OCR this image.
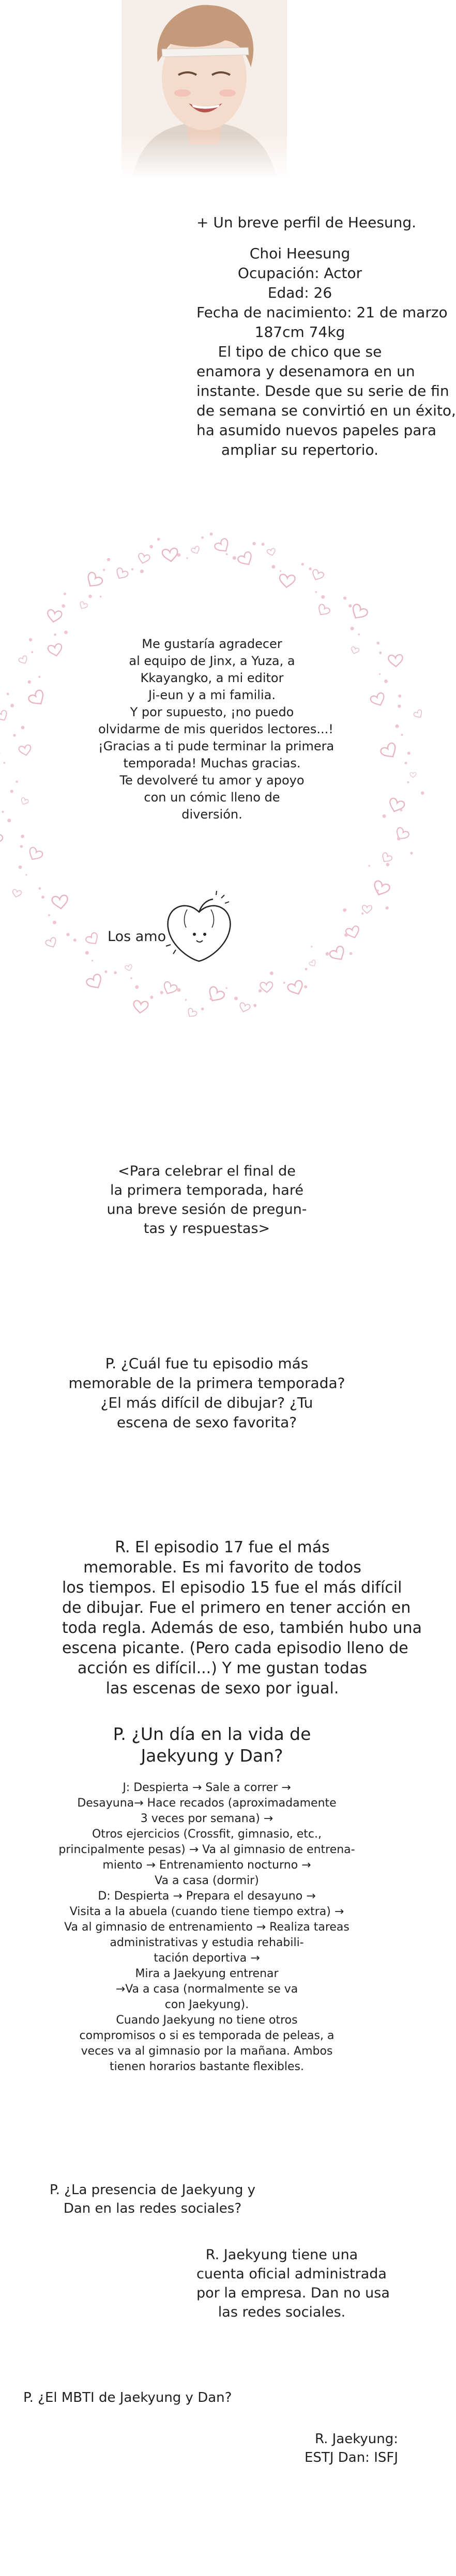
+ Un breve perfil de Heesung.
Choi Heesung
Ocupación: Actor
Edad: 26
Fecha de nacimiento: 21 de marzo
187cm 74kg
El tipo de chico que se
enamora y desenamora en un
instante. Desde que su serie de fin
de semana se convirtió en un éxito,
ha asumido nuevos papeles para
ampliar su repertorio.
Me gustaría agradecer
al equipo de Jinx, a Yuza, a
Kkayangko, a mi editor
Ji-eun y a mi familia.
Y por supuesto, ¡no puedo
olvidarme de mis queridos lectores...!
¡Gracias a ti pude terminar la primera
temporada! Muchas gracias.
Te devolveré tu amor y apoyo
con un cómic lleno de
diversión.
Los amo
<Para celebrar el final de
la primera temporada, haré
una breve sesión de pregun-
tas y respuestas>
P. ¿Cuál fue tu episodio más
memorable de la primera temporada?
¿El más difícil de dibujar? ¿Tu
escena de sexo favorita?
R. El episodio 17 fue el más
memorable. Es mi favorito de todos
los tiempos. El episodio 15 fue el más difícil
de dibujar. Fue el primero en tener acción en
toda regla. Además de eso, también hubo una
escena picante. (Pero cada episodio lleno de
acción es difícil...) Y me gustan todas
las escenas de sexo por igual.
P. ¿Un día en la vida de
Jaekyung y Dan?
J: Despierta → Sale a correr →
Desayuna→ Hace recados (aproximadamente
3 veces por semana) →
Otros ejercicios (Crossfit, gimnasio, etc.,
principalmente pesas) → Va al gimnasio de entrena-
miento → Entrenamiento nocturno →
Va a casa (dormir)
D: Despierta → Prepara el desayuno →
Visita a la abuela (cuando tiene tiempo extra) →
Va al gimnasio de entrenamiento → Realiza tareas
administrativas y estudia rehabili-
tación deportiva →
Mira a Jaekyung entrenar
→Va a casa (normalmente se va
con Jaekyung).
Cuando Jaekyung no tiene otros
compromisos o si es temporada de peleas, a
veces va al gimnasio por la mañana. Ambos
tienen horarios bastante flexibles.
P. ¿La presencia de Jaekyung y
Dan en las redes sociales?
R. Jaekyung tiene una
cuenta oficial administrada
por la empresa. Dan no usa
las redes sociales.
P. ¿El MBTI de Jaekyung y Dan?
R. Jaekyung:
ESTJ Dan: ISFJ
